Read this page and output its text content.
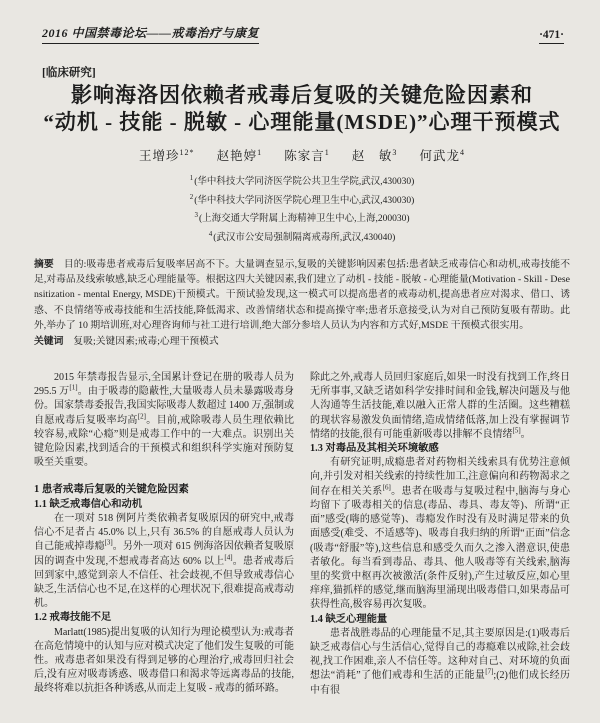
2016 中国禁毒论坛——戒毒治疗与康复	·471·
[临床研究]
影响海洛因依赖者戒毒后复吸的关键危险因素和
“动机 - 技能 - 脱敏 - 心理能量(MSDE)”心理干预模式
王增珍$^{12*}$ 赵艳婷$^1$ 陈家言$^1$ 赵　敏$^3$ 何武龙$^4$
$^1$(华中科技大学同济医学院公共卫生学院,武汉,430030)
$^2$(华中科技大学同济医学院心理卫生中心,武汉,430030)
$^3$(上海交通大学附属上海精神卫生中心,上海,200030)
$^4$(武汉市公安局强制隔离戒毒所,武汉,430040)

摘要 目的:吸毒患者戒毒后复吸率居高不下。大量调查显示,复吸的关键影响因素包括:患者缺乏戒毒信心和动机,戒毒技能不足,对毒品及线索敏感,缺乏心理能量等。根据这四大关键因素,我们建立了动机 - 技能 - 脱敏 - 心理能量(Motivation - Skill - Desensitization - mental Energy, MSDE)干预模式。干预试验发现,这一模式可以提高患者的戒毒动机,提高患者应对渴求、借口、诱惑、不良情绪等戒毒技能和生活技能,降低渴求、改善情绪状态和提高操守率;患者乐意接受,认为对自己预防复吸有帮助。此外,举办了 10 期培训班,对心理咨询师与社工进行培训,绝大部分参培人员认为内容和方式好,MSDE 干预模式很实用。

关键词 复吸;关键因素;戒毒;心理干预模式

2015 年禁毒报告显示,全国累计登记在册的吸毒人员为 295.5 万[1]。由于吸毒的隐蔽性,大量吸毒人员未暴露吸毒身份。国家禁毒委报告,我国实际吸毒人数超过 1400 万,强制或自愿戒毒后复吸率均高[2]。目前,戒除吸毒人员生理依赖比较容易,戒除“心瘾”则是戒毒工作中的一大难点。识别出关键危险因素,找到适合的干预模式和组织科学实施对预防复吸至关重要。
1 患者戒毒后复吸的关键危险因素
1.1 缺乏戒毒信心和动机
在一项对 518 例阿片类依赖者复吸原因的研究中,戒毒信心不足者占 45.0% 以上,只有 36.5% 的自愿戒毒人员认为自己能戒掉毒瘾[3]。另外一项对 615 例海洛因依赖者复吸原因的调查中发现,不想戒毒者高达 60% 以上[4]。患者戒毒后回到家中,感觉到亲人不信任、社会歧视,不但导致戒毒信心缺乏,生活信心也不足,在这样的心理状况下,很难提高戒毒动机。
1.2 戒毒技能不足
Marlatt(1985)提出复吸的认知行为理论模型认为:戒毒者在高危情境中的认知与应对模式决定了他们发生复吸的可能性。戒毒患者如果没有得到足够的心理治疗,戒毒回归社会后,没有应对吸毒诱惑、吸毒借口和渴求等远离毒品的技能,最终将难以抗拒各种诱惑,从而走上复吸 - 戒毒的循环路。
除此之外,戒毒人员回归家庭后,如果一时没有找到工作,终日无所事事,又缺乏诸如科学安排时间和金钱,解决问题及与他人沟通等生活技能,难以融入正常人群的生活圈。这些糟糕的现状容易激发负面情绪,造成情绪低落,加上没有掌握调节情绪的技能,很有可能重新吸毒以排解不良情绪[5]。
1.3 对毒品及其相关环境敏感
有研究证明,成瘾患者对药物相关线索具有优势注意倾向,并引发对相关线索的持续性加工,注意偏向和药物渴求之间存在相关关系[6]。患者在吸毒与复吸过程中,脑海与身心均留下了吸毒相关的信息(毒品、毒具、毒友等)、所谓“正面”感受(嗨的感觉等)、毒瘾发作时没有及时满足带来的负面感受(难受、不适感等)、吸毒自我归纳的所谓“正面”信念(吸毒“舒服”等),这些信息和感受久而久之渗入潜意识,使患者敏化。每当看到毒品、毒具、他人吸毒等有关线索,脑海里的奖赏中枢再次被激活(条件反射),产生过敏反应,如心里痒痒,猫抓样的感觉,继而脑海里涌现出吸毒借口,如果毒品可获得性高,极容易再次复吸。
1.4 缺乏心理能量
患者战胜毒品的心理能量不足,其主要原因是:(1)吸毒后缺乏戒毒信心与生活信心,觉得自己的毒瘾难以戒除,社会歧视,找工作困难,亲人不信任等。这种对自己、对环境的负面想法“消耗”了他们戒毒和生活的正能量[7];(2)他们成长经历中有很
